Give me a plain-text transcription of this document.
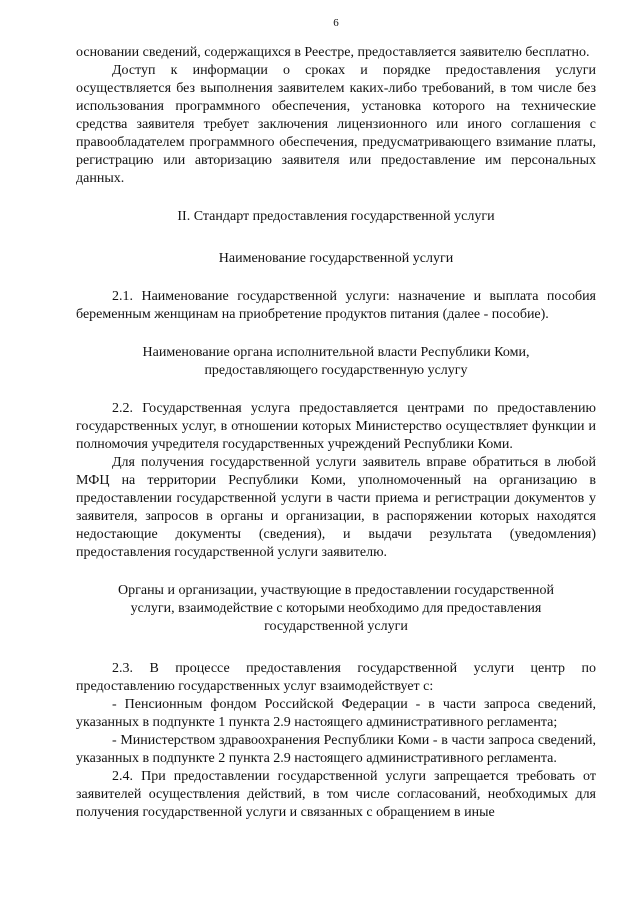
6

основании сведений, содержащихся в Реестре, предоставляется заявителю бесплатно.

Доступ к информации о сроках и порядке предоставления услуги осуществляется без выполнения заявителем каких-либо требований, в том числе без использования программного обеспечения, установка которого на технические средства заявителя требует заключения лицензионного или иного соглашения с правообладателем программного обеспечения, предусматривающего взимание платы, регистрацию или авторизацию заявителя или предоставление им персональных данных.

II. Стандарт предоставления государственной услуги
Наименование государственной услуги

2.1. Наименование государственной услуги: назначение и выплата пособия беременным женщинам на приобретение продуктов питания (далее - пособие).

Наименование органа исполнительной власти Республики Коми,
предоставляющего государственную услугу

2.2. Государственная услуга предоставляется центрами по предоставлению государственных услуг, в отношении которых Министерство осуществляет функции и полномочия учредителя государственных учреждений Республики Коми.

Для получения государственной услуги заявитель вправе обратиться в любой МФЦ на территории Республики Коми, уполномоченный на организацию в предоставлении государственной услуги в части приема и регистрации документов у заявителя, запросов в органы и организации, в распоряжении которых находятся недостающие документы (сведения), и выдачи результата (уведомления) предоставления государственной услуги заявителю.

Органы и организации, участвующие в предоставлении государственной
услуги, взаимодействие с которыми необходимо для предоставления
государственной услуги

2.3. В процессе предоставления государственной услуги центр по предоставлению государственных услуг взаимодействует с:

- Пенсионным фондом Российской Федерации - в части запроса сведений, указанных в подпункте 1 пункта 2.9 настоящего административного регламента;

- Министерством здравоохранения Республики Коми - в части запроса сведений, указанных в подпункте 2 пункта 2.9 настоящего административного регламента.

2.4. При предоставлении государственной услуги запрещается требовать от заявителей осуществления действий, в том числе согласований, необходимых для получения государственной услуги и связанных с обращением в иные
